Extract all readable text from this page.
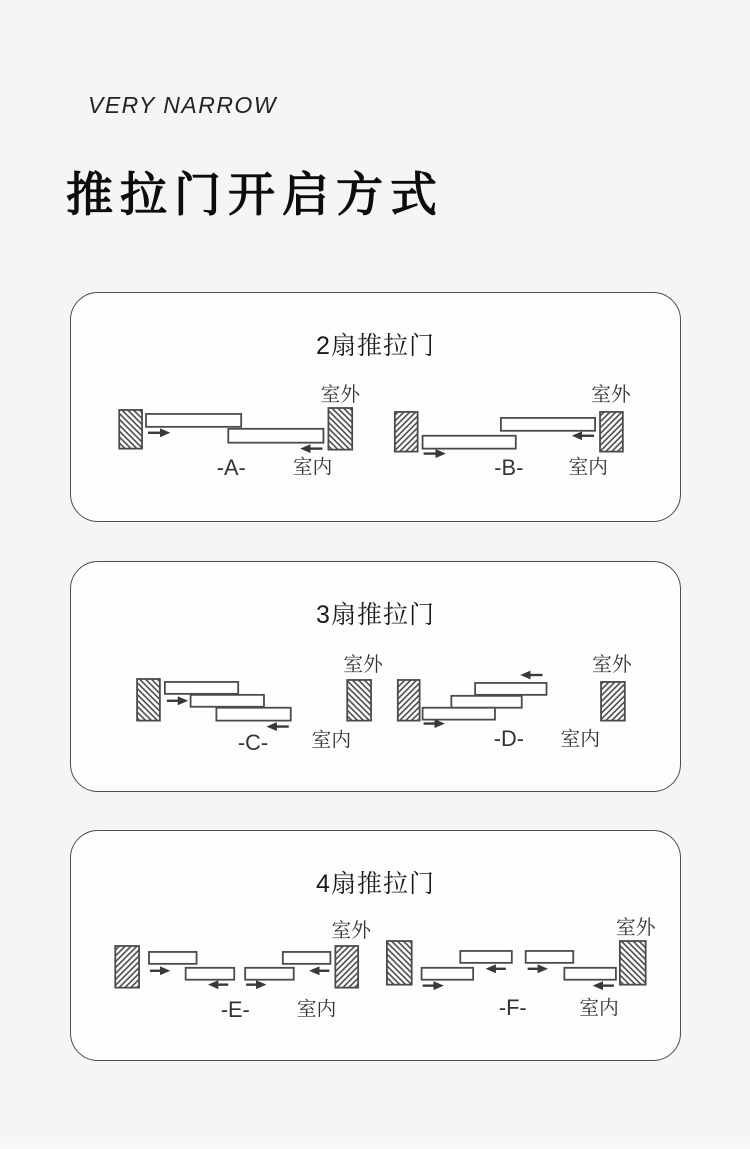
VERY NARROW
推拉门开启方式
2扇推拉门
室外
-A- 室内
室外
-B- 室内
3扇推拉门
室外
-C- 室内
室外
-D- 室内
4扇推拉门
室外
-E- 室内
室外
-F-	室内
